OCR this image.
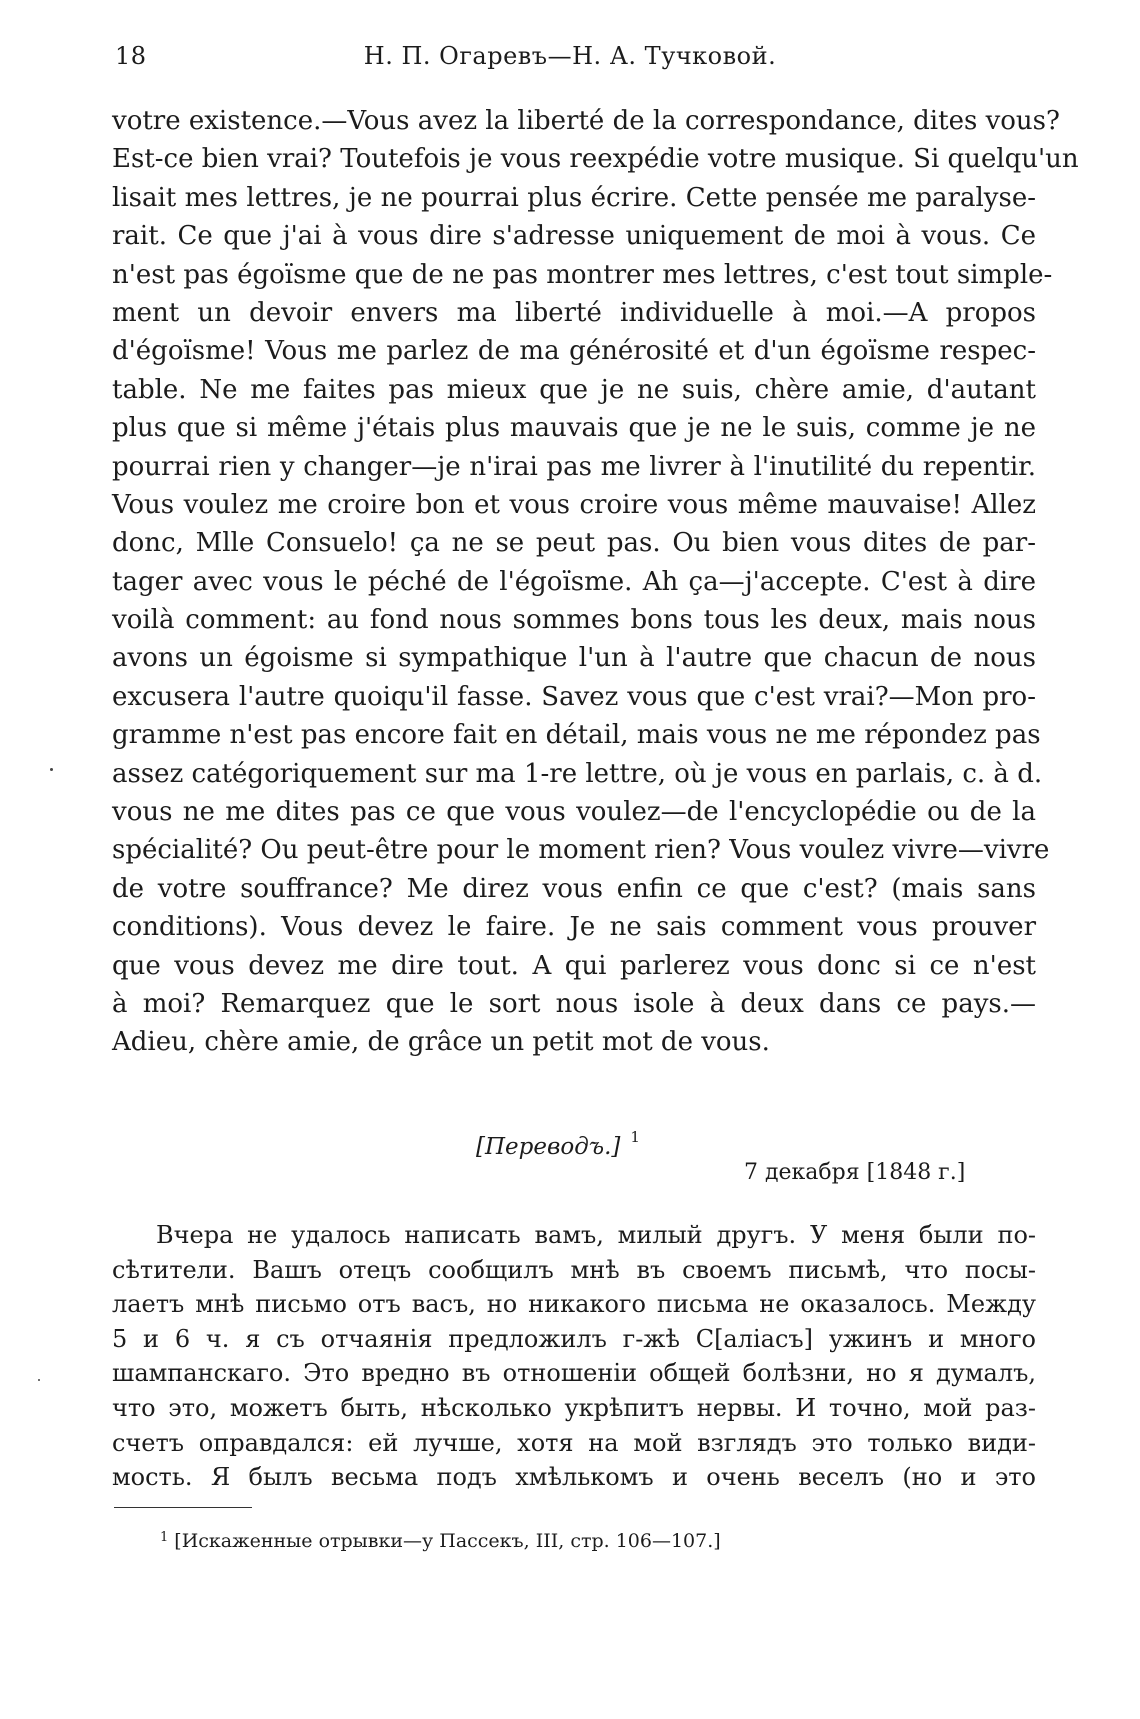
18	Н. П. Огаревъ—Н. А. Тучковой.
votre existence.—Vous avez la liberté de la correspondance, dites vous?
Est-ce bien vrai? Toutefois je vous reexpédie votre musique. Si quelqu'un
lisait mes lettres, je ne pourrai plus écrire. Cette pensée me paralyse-
rait. Ce que j'ai à vous dire s'adresse uniquement de moi à vous. Ce
n'est pas égoïsme que de ne pas montrer mes lettres, c'est tout simple-
ment un devoir envers ma liberté individuelle à moi.—A propos
d'égoïsme! Vous me parlez de ma générosité et d'un égoïsme respec-
table. Ne me faites pas mieux que je ne suis, chère amie, d'autant
plus que si même j'étais plus mauvais que je ne le suis, comme je ne
pourrai rien y changer—je n'irai pas me livrer à l'inutilité du repentir.
Vous voulez me croire bon et vous croire vous même mauvaise! Allez
donc, Mlle Consuelo! ça ne se peut pas. Ou bien vous dites de par-
tager avec vous le péché de l'égoïsme. Ah ça—j'accepte. C'est à dire
voilà comment: au fond nous sommes bons tous les deux, mais nous
avons un égoisme si sympathique l'un à l'autre que chacun de nous
excusera l'autre quoiqu'il fasse. Savez vous que c'est vrai?—Mon pro-
gramme n'est pas encore fait en détail, mais vous ne me répondez pas
assez catégoriquement sur ma 1-re lettre, où je vous en parlais, c. à d.
vous ne me dites pas ce que vous voulez—de l'encyclopédie ou de la
spécialité? Ou peut-être pour le moment rien? Vous voulez vivre—vivre
de votre souffrance? Me direz vous enfin ce que c'est? (mais sans
conditions). Vous devez le faire. Je ne sais comment vous prouver
que vous devez me dire tout. A qui parlerez vous donc si ce n'est
à moi? Remarquez que le sort nous isole à deux dans ce pays.—
Adieu, chère amie, de grâce un petit mot de vous.
[Переводъ.] $^1$
7 декабря [1848 г.]
Вчера не удалось написать вамъ, милый другъ. У меня были по-
сѣтители. Вашъ отецъ сообщилъ мнѣ въ своемъ письмѣ, что посы-
лаетъ мнѣ письмо отъ васъ, но никакого письма не оказалось. Между
5 и 6 ч. я съ отчаянія предложилъ г-жѣ С[аліасъ] ужинъ и много
шампанскаго. Это вредно въ отношеніи общей болѣзни, но я думалъ,
что это, можетъ быть, нѣсколько укрѣпитъ нервы. И точно, мой раз-
счетъ оправдался: ей лучше, хотя на мой взглядъ это только види-
мость. Я былъ весьма подъ хмѣлькомъ и очень веселъ (но и это
$^1$ [Искаженные отрывки—у Пассекъ, III, стр. 106—107.]
